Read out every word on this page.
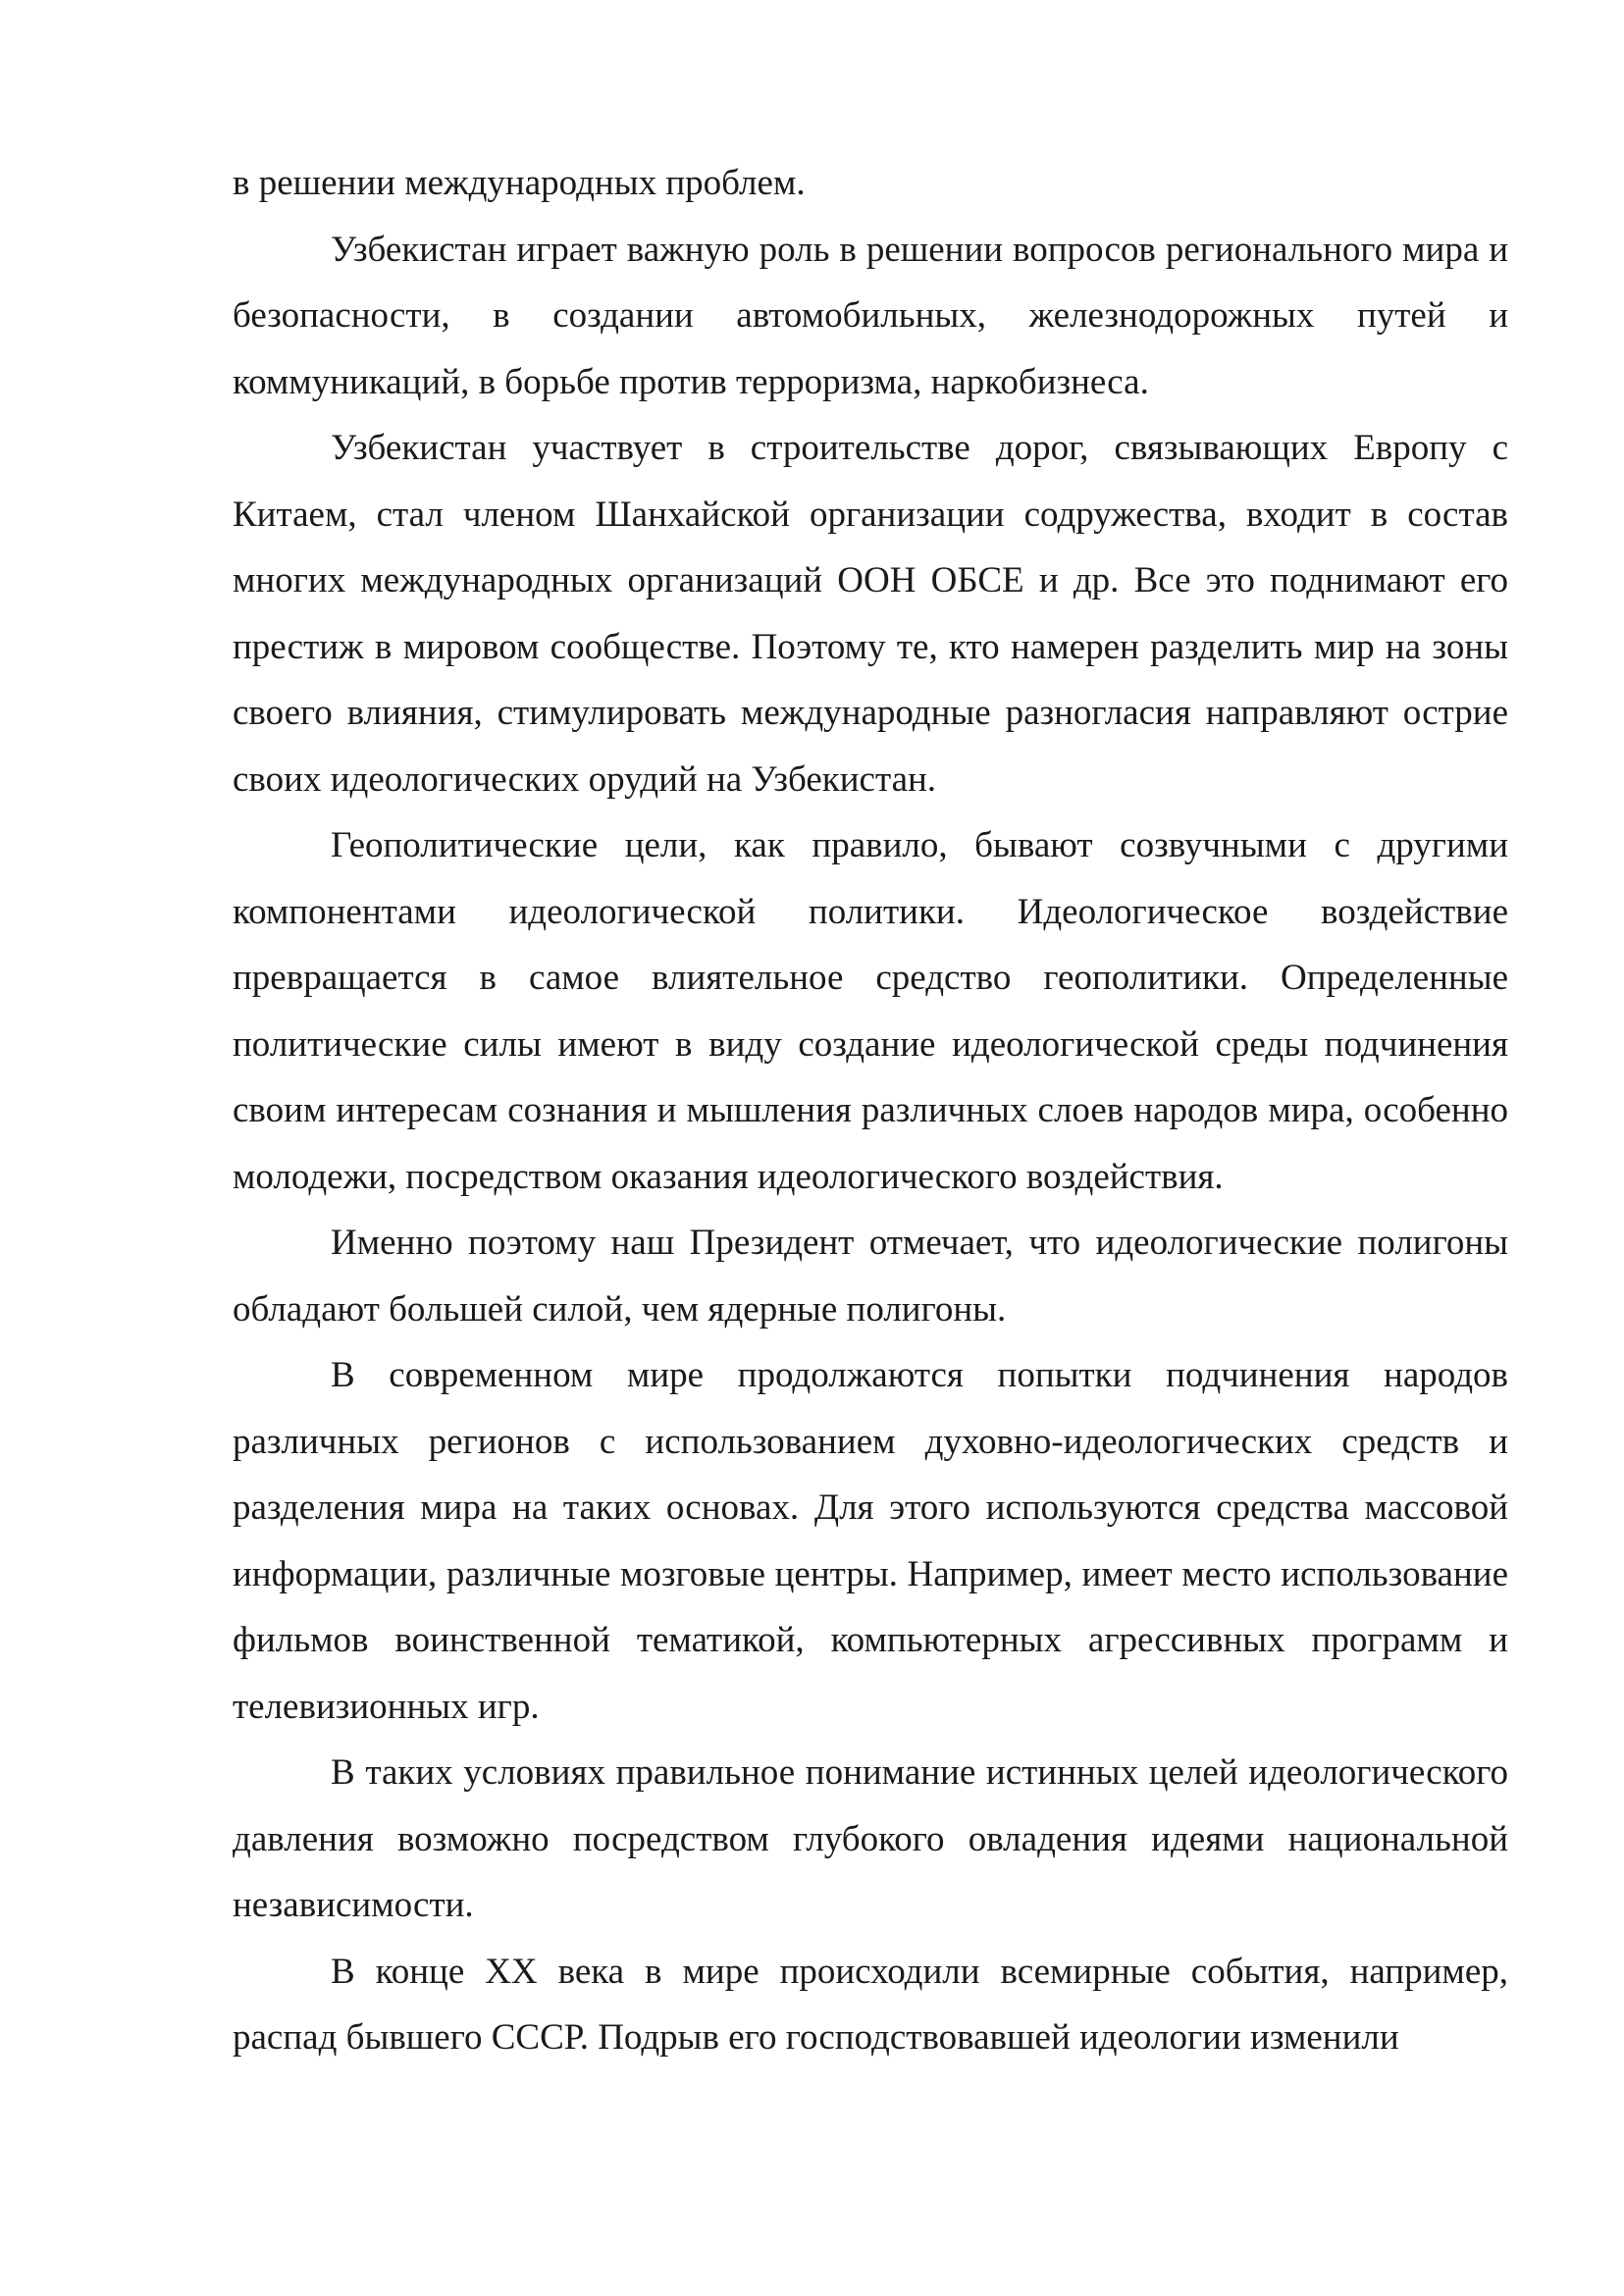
в решении международных проблем.

Узбекистан играет важную роль в решении вопросов регионального мира и безопасности, в создании автомобильных, железнодорожных путей и коммуникаций, в борьбе против терроризма, наркобизнеса.

Узбекистан участвует в строительстве дорог, связывающих Европу с Китаем, стал членом Шанхайской организации содружества, входит в состав многих международных организаций ООН ОБСЕ и др. Все это поднимают его престиж в мировом сообществе. Поэтому те, кто намерен разделить мир на зоны своего влияния, стимулировать международные разногласия направляют острие своих идеологических орудий на Узбекистан.

Геополитические цели, как правило, бывают созвучными с другими компонентами идеологической политики. Идеологическое воздействие превращается в самое влиятельное средство геополитики. Определенные политические силы имеют в виду создание идеологической среды подчинения своим интересам сознания и мышления различных слоев народов мира, особенно молодежи, посредством оказания идеологического воздействия.

Именно поэтому наш Президент отмечает, что идеологические полигоны обладают большей силой, чем ядерные полигоны.

В современном мире продолжаются попытки подчинения народов различных регионов с использованием духовно-идеологических средств и разделения мира на таких основах. Для этого используются средства массовой информации, различные мозговые центры. Например, имеет место использование фильмов воинственной тематикой, компьютерных агрессивных программ и телевизионных игр.

В таких условиях правильное понимание истинных целей идеологического давления возможно посредством глубокого овладения идеями национальной независимости.

В конце ХХ века в мире происходили всемирные события, например, распад бывшего СССР. Подрыв его господствовавшей идеологии изменили
